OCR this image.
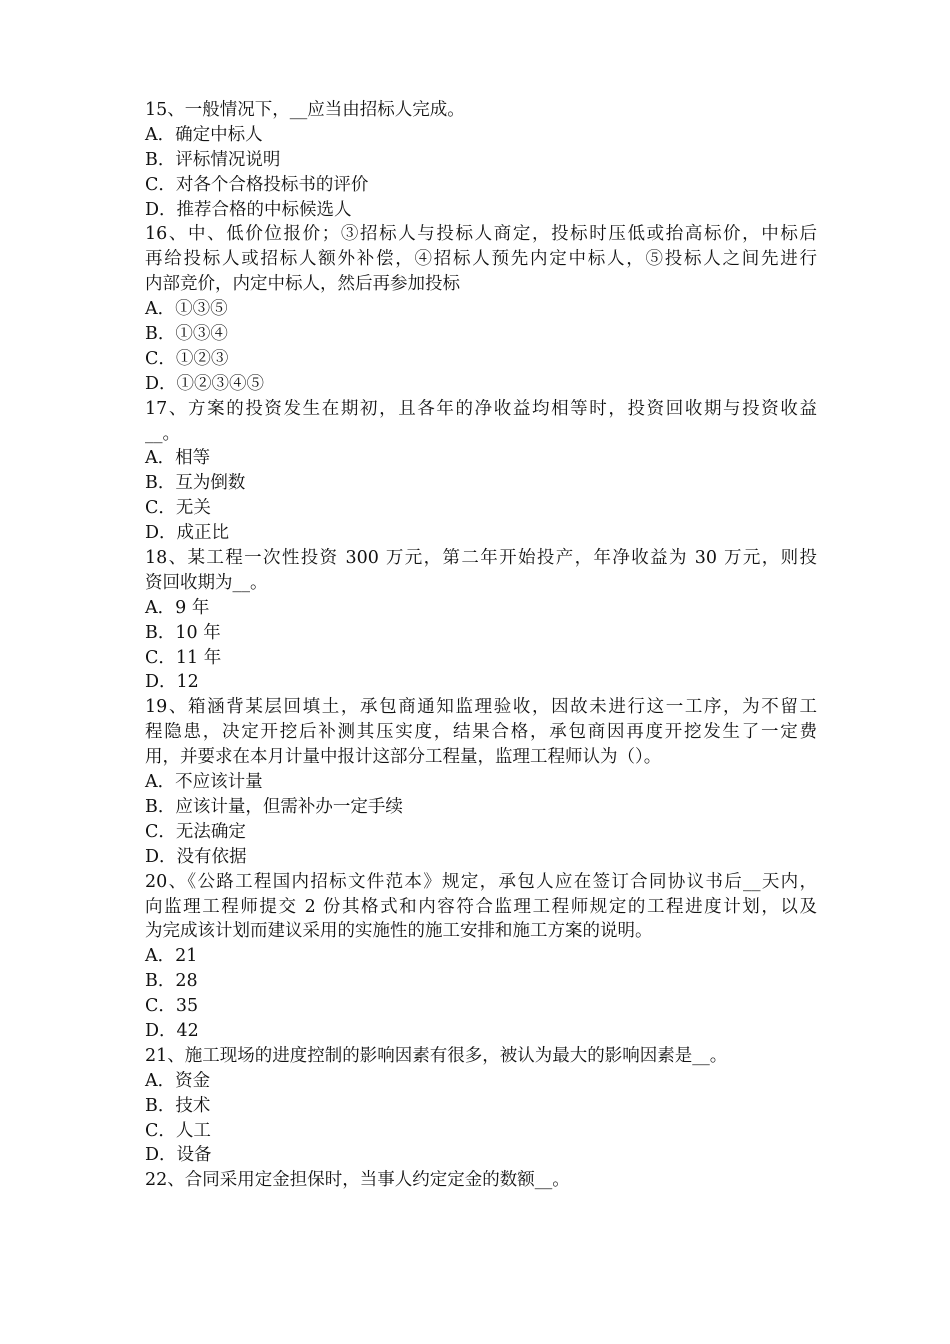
15、一般情况下，__应当由招标人完成。
A．确定中标人
B．评标情况说明
C．对各个合格投标书的评价
D．推荐合格的中标候选人
16、中、低价位报价；③招标人与投标人商定，投标时压低或抬高标价，中标后
再给投标人或招标人额外补偿，④招标人预先内定中标人，⑤投标人之间先进行
内部竞价，内定中标人，然后再参加投标
A．①③⑤
B．①③④
C．①②③
D．①②③④⑤
17、方案的投资发生在期初，且各年的净收益均相等时，投资回收期与投资收益
__。
A．相等
B．互为倒数
C．无关
D．成正比
18、某工程一次性投资 300 万元，第二年开始投产，年净收益为 30 万元，则投
资回收期为__。
A．9 年
B．10 年
C．11 年
D．12
19、箱涵背某层回填土，承包商通知监理验收，因故未进行这一工序，为不留工
程隐患，决定开挖后补测其压实度，结果合格，承包商因再度开挖发生了一定费
用，并要求在本月计量中报计这部分工程量，监理工程师认为（）。
A．不应该计量
B．应该计量，但需补办一定手续
C．无法确定
D．没有依据
20、《公路工程国内招标文件范本》规定，承包人应在签订合同协议书后__天内，
向监理工程师提交 2 份其格式和内容符合监理工程师规定的工程进度计划，以及
为完成该计划而建议采用的实施性的施工安排和施工方案的说明。
A．21
B．28
C．35
D．42
21、施工现场的进度控制的影响因素有很多，被认为最大的影响因素是__。
A．资金
B．技术
C．人工
D．设备
22、合同采用定金担保时，当事人约定定金的数额__。
